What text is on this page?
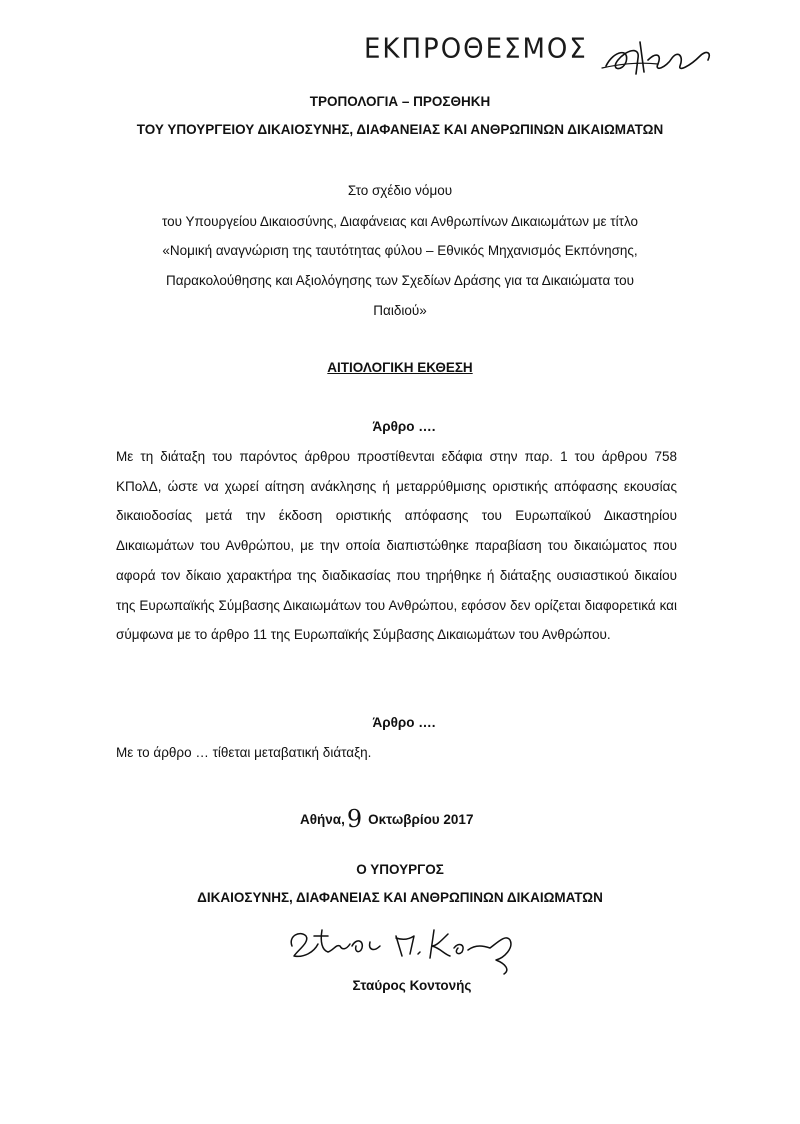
ΕΚΠΡΟΘΕΣΜΟΣ
ΤΡΟΠΟΛΟΓΙΑ – ΠΡΟΣΘΗΚΗ
ΤΟΥ ΥΠΟΥΡΓΕΙΟΥ ΔΙΚΑΙΟΣΥΝΗΣ, ΔΙΑΦΑΝΕΙΑΣ ΚΑΙ ΑΝΘΡΩΠΙΝΩΝ ΔΙΚΑΙΩΜΑΤΩΝ
Στο σχέδιο νόμου
του Υπουργείου Δικαιοσύνης, Διαφάνειας και Ανθρωπίνων Δικαιωμάτων με τίτλο
«Νομική αναγνώριση της ταυτότητας φύλου – Εθνικός Μηχανισμός Εκπόνησης,
Παρακολούθησης και Αξιολόγησης των Σχεδίων Δράσης για τα Δικαιώματα του
Παιδιού»
ΑΙΤΙΟΛΟΓΙΚΗ ΕΚΘΕΣΗ
Άρθρο ….

Με τη διάταξη του παρόντος άρθρου προστίθενται εδάφια στην παρ. 1 του άρθρου 758 ΚΠολΔ, ώστε να χωρεί αίτηση ανάκλησης ή μεταρρύθμισης οριστικής απόφασης εκουσίας δικαιοδοσίας μετά την έκδοση οριστικής απόφασης του Ευρωπαϊκού Δικαστηρίου Δικαιωμάτων του Ανθρώπου, με την οποία διαπιστώθηκε παραβίαση του δικαιώματος που αφορά τον δίκαιο χαρακτήρα της διαδικασίας που τηρήθηκε ή διάταξης ουσιαστικού δικαίου της Ευρωπαϊκής Σύμβασης Δικαιωμάτων του Ανθρώπου, εφόσον δεν ορίζεται διαφορετικά και σύμφωνα με το άρθρο 11 της Ευρωπαϊκής Σύμβασης Δικαιωμάτων του Ανθρώπου.

Άρθρο ….

Με το άρθρο … τίθεται μεταβατική διάταξη.

Αθήνα,9 Οκτωβρίου 2017
Ο ΥΠΟΥΡΓΟΣ
ΔΙΚΑΙΟΣΥΝΗΣ, ΔΙΑΦΑΝΕΙΑΣ ΚΑΙ ΑΝΘΡΩΠΙΝΩΝ ΔΙΚΑΙΩΜΑΤΩΝ
Σταύρος Κοντονής
